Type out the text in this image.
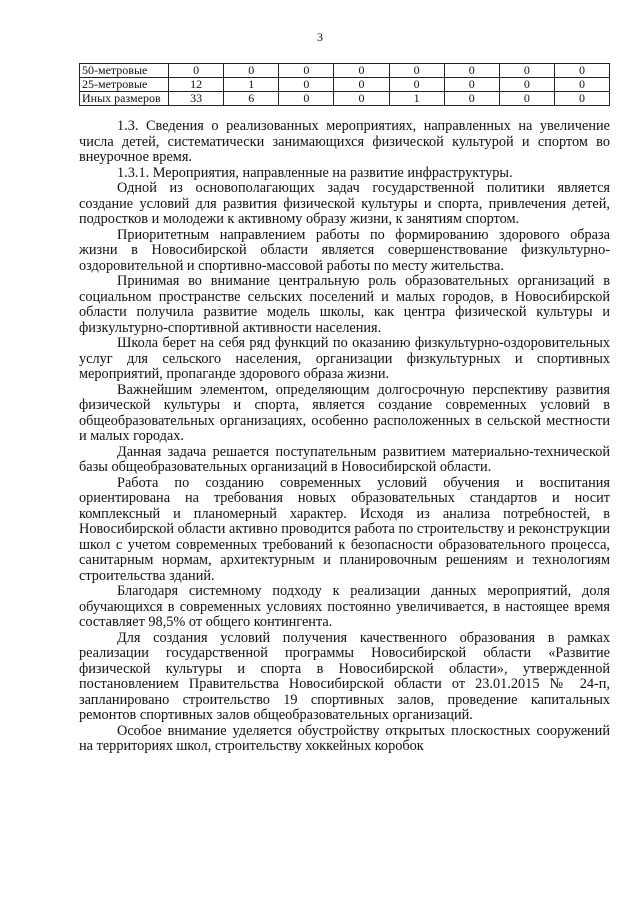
3
50-метровые	0	0	0	0	0	0	0	0
25-метровые	12	1	0	0	0	0	0	0
Иных размеров	33	6	0	0	1	0	0	0

1.3. Сведения о реализованных мероприятиях, направленных на увеличение числа детей, систематически занимающихся физической культурой и спортом во внеурочное время.

1.3.1. Мероприятия, направленные на развитие инфраструктуры.

Одной из основополагающих задач государственной политики является создание условий для развития физической культуры и спорта, привлечения детей, подростков и молодежи к активному образу жизни, к занятиям спортом.

Приоритетным направлением работы по формированию здорового образа жизни в Новосибирской области является совершенствование физкультурно-оздоровительной и спортивно-массовой работы по месту жительства.

Принимая во внимание центральную роль образовательных организаций в социальном пространстве сельских поселений и малых городов, в Новосибирской области получила развитие модель школы, как центра физической культуры и физкультурно-спортивной активности населения.

Школа берет на себя ряд функций по оказанию физкультурно-оздоровительных услуг для сельского населения, организации физкультурных и спортивных мероприятий, пропаганде здорового образа жизни.

Важнейшим элементом, определяющим долгосрочную перспективу развития физической культуры и спорта, является создание современных условий в общеобразовательных организациях, особенно расположенных в сельской местности и малых городах.

Данная задача решается поступательным развитием материально-технической базы общеобразовательных организаций в Новосибирской области.

Работа по созданию современных условий обучения и воспитания ориентирована на требования новых образовательных стандартов и носит комплексный и планомерный характер. Исходя из анализа потребностей, в Новосибирской области активно проводится работа по строительству и реконструкции школ с учетом современных требований к безопасности образовательного процесса, санитарным нормам, архитектурным и планировочным решениям и технологиям строительства зданий.

Благодаря системному подходу к реализации данных мероприятий, доля обучающихся в современных условиях постоянно увеличивается, в настоящее время составляет 98,5% от общего контингента.

Для создания условий получения качественного образования в рамках реализации государственной программы Новосибирской области «Развитие физической культуры и спорта в Новосибирской области», утвержденной постановлением Правительства Новосибирской области от 23.01.2015 № 24-п, запланировано строительство 19 спортивных залов, проведение капитальных ремонтов спортивных залов общеобразовательных организаций.

Особое внимание уделяется обустройству открытых плоскостных сооружений на территориях школ, строительству хоккейных коробок
